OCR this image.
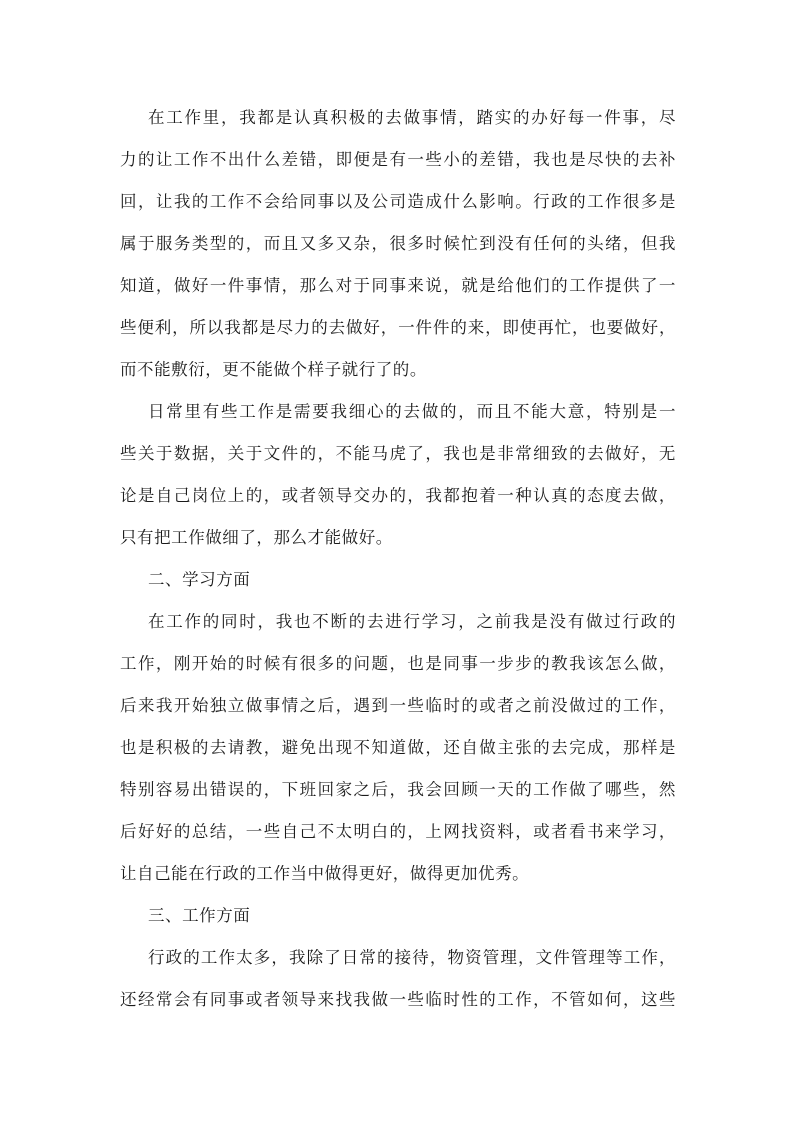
在工作里，我都是认真积极的去做事情，踏实的办好每一件事，尽
力的让工作不出什么差错，即便是有一些小的差错，我也是尽快的去补
回，让我的工作不会给同事以及公司造成什么影响。行政的工作很多是
属于服务类型的，而且又多又杂，很多时候忙到没有任何的头绪，但我
知道，做好一件事情，那么对于同事来说，就是给他们的工作提供了一
些便利，所以我都是尽力的去做好，一件件的来，即使再忙，也要做好，
而不能敷衍，更不能做个样子就行了的。
日常里有些工作是需要我细心的去做的，而且不能大意，特别是一
些关于数据，关于文件的，不能马虎了，我也是非常细致的去做好，无
论是自己岗位上的，或者领导交办的，我都抱着一种认真的态度去做，
只有把工作做细了，那么才能做好。
二、学习方面
在工作的同时，我也不断的去进行学习，之前我是没有做过行政的
工作，刚开始的时候有很多的问题，也是同事一步步的教我该怎么做，
后来我开始独立做事情之后，遇到一些临时的或者之前没做过的工作，
也是积极的去请教，避免出现不知道做，还自做主张的去完成，那样是
特别容易出错误的，下班回家之后，我会回顾一天的工作做了哪些，然
后好好的总结，一些自己不太明白的，上网找资料，或者看书来学习，
让自己能在行政的工作当中做得更好，做得更加优秀。
三、工作方面
行政的工作太多，我除了日常的接待，物资管理，文件管理等工作，
还经常会有同事或者领导来找我做一些临时性的工作，不管如何，这些
